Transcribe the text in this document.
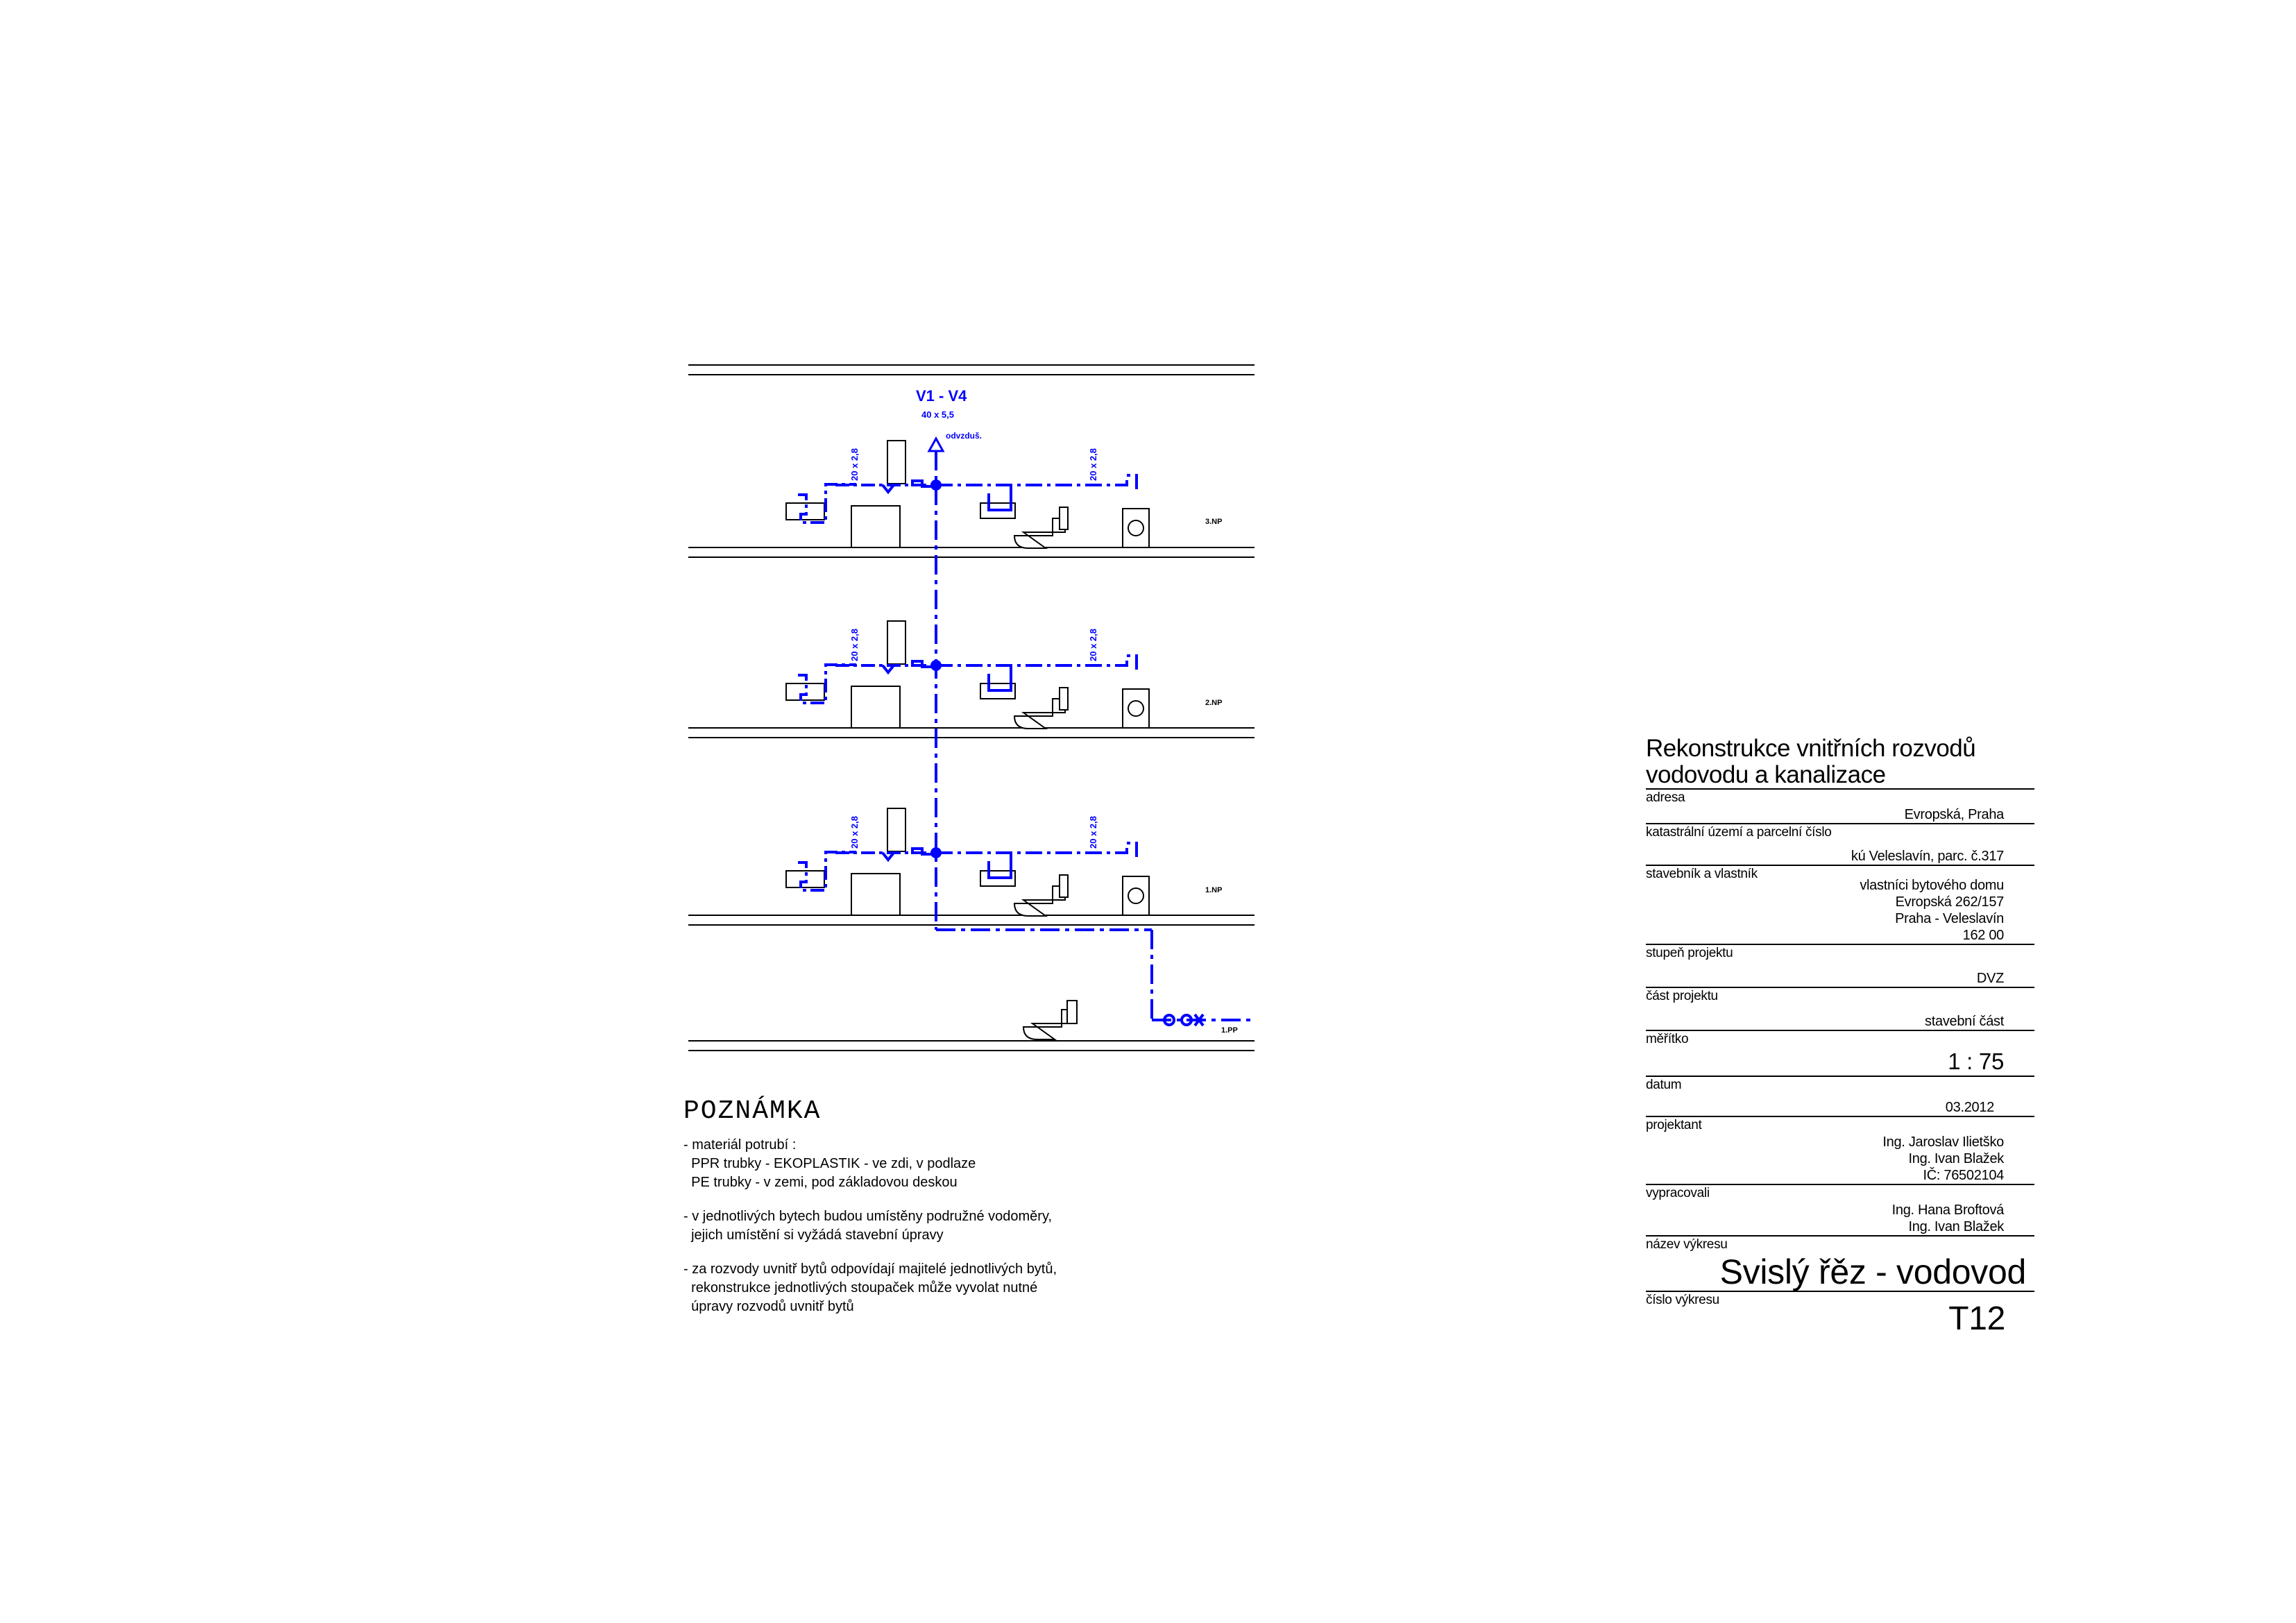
20 x 2,8	20 x 2,8
20 x 2,8	20 x 2,8
20 x 2,8	20 x 2,8
V1 - V4
40 x 5,5
odvzduš.
3.NP
2.NP
1.NP
1.PP
POZNÁMKA
- materiál potrubí :
PPR trubky - EKOPLASTIK - ve zdi, v podlaze
PE trubky - v zemi, pod základovou deskou
- v jednotlivých bytech budou umístěny podružné vodoměry,
jejich umístění si vyžádá stavební úpravy
- za rozvody uvnitř bytů odpovídají majitelé jednotlivých bytů,
rekonstrukce jednotlivých stoupaček může vyvolat nutné
úpravy rozvodů uvnitř bytů
Rekonstrukce vnitřních rozvodů
vodovodu a kanalizace
adresa
Evropská, Praha
katastrální území a parcelní číslo
kú Veleslavín, parc. č.317
stavebník a vlastník
vlastníci bytového domu
Evropská 262/157
Praha - Veleslavín
162 00
stupeň projektu
DVZ
část projektu
stavební část
měřítko
1 : 75
datum
03.2012
projektant
Ing. Jaroslav Ilietško
Ing. Ivan Blažek
IČ: 76502104
vypracovali
Ing. Hana Broftová
Ing. Ivan Blažek
název výkresu
Svislý řěz - vodovod
číslo výkresu
T12
